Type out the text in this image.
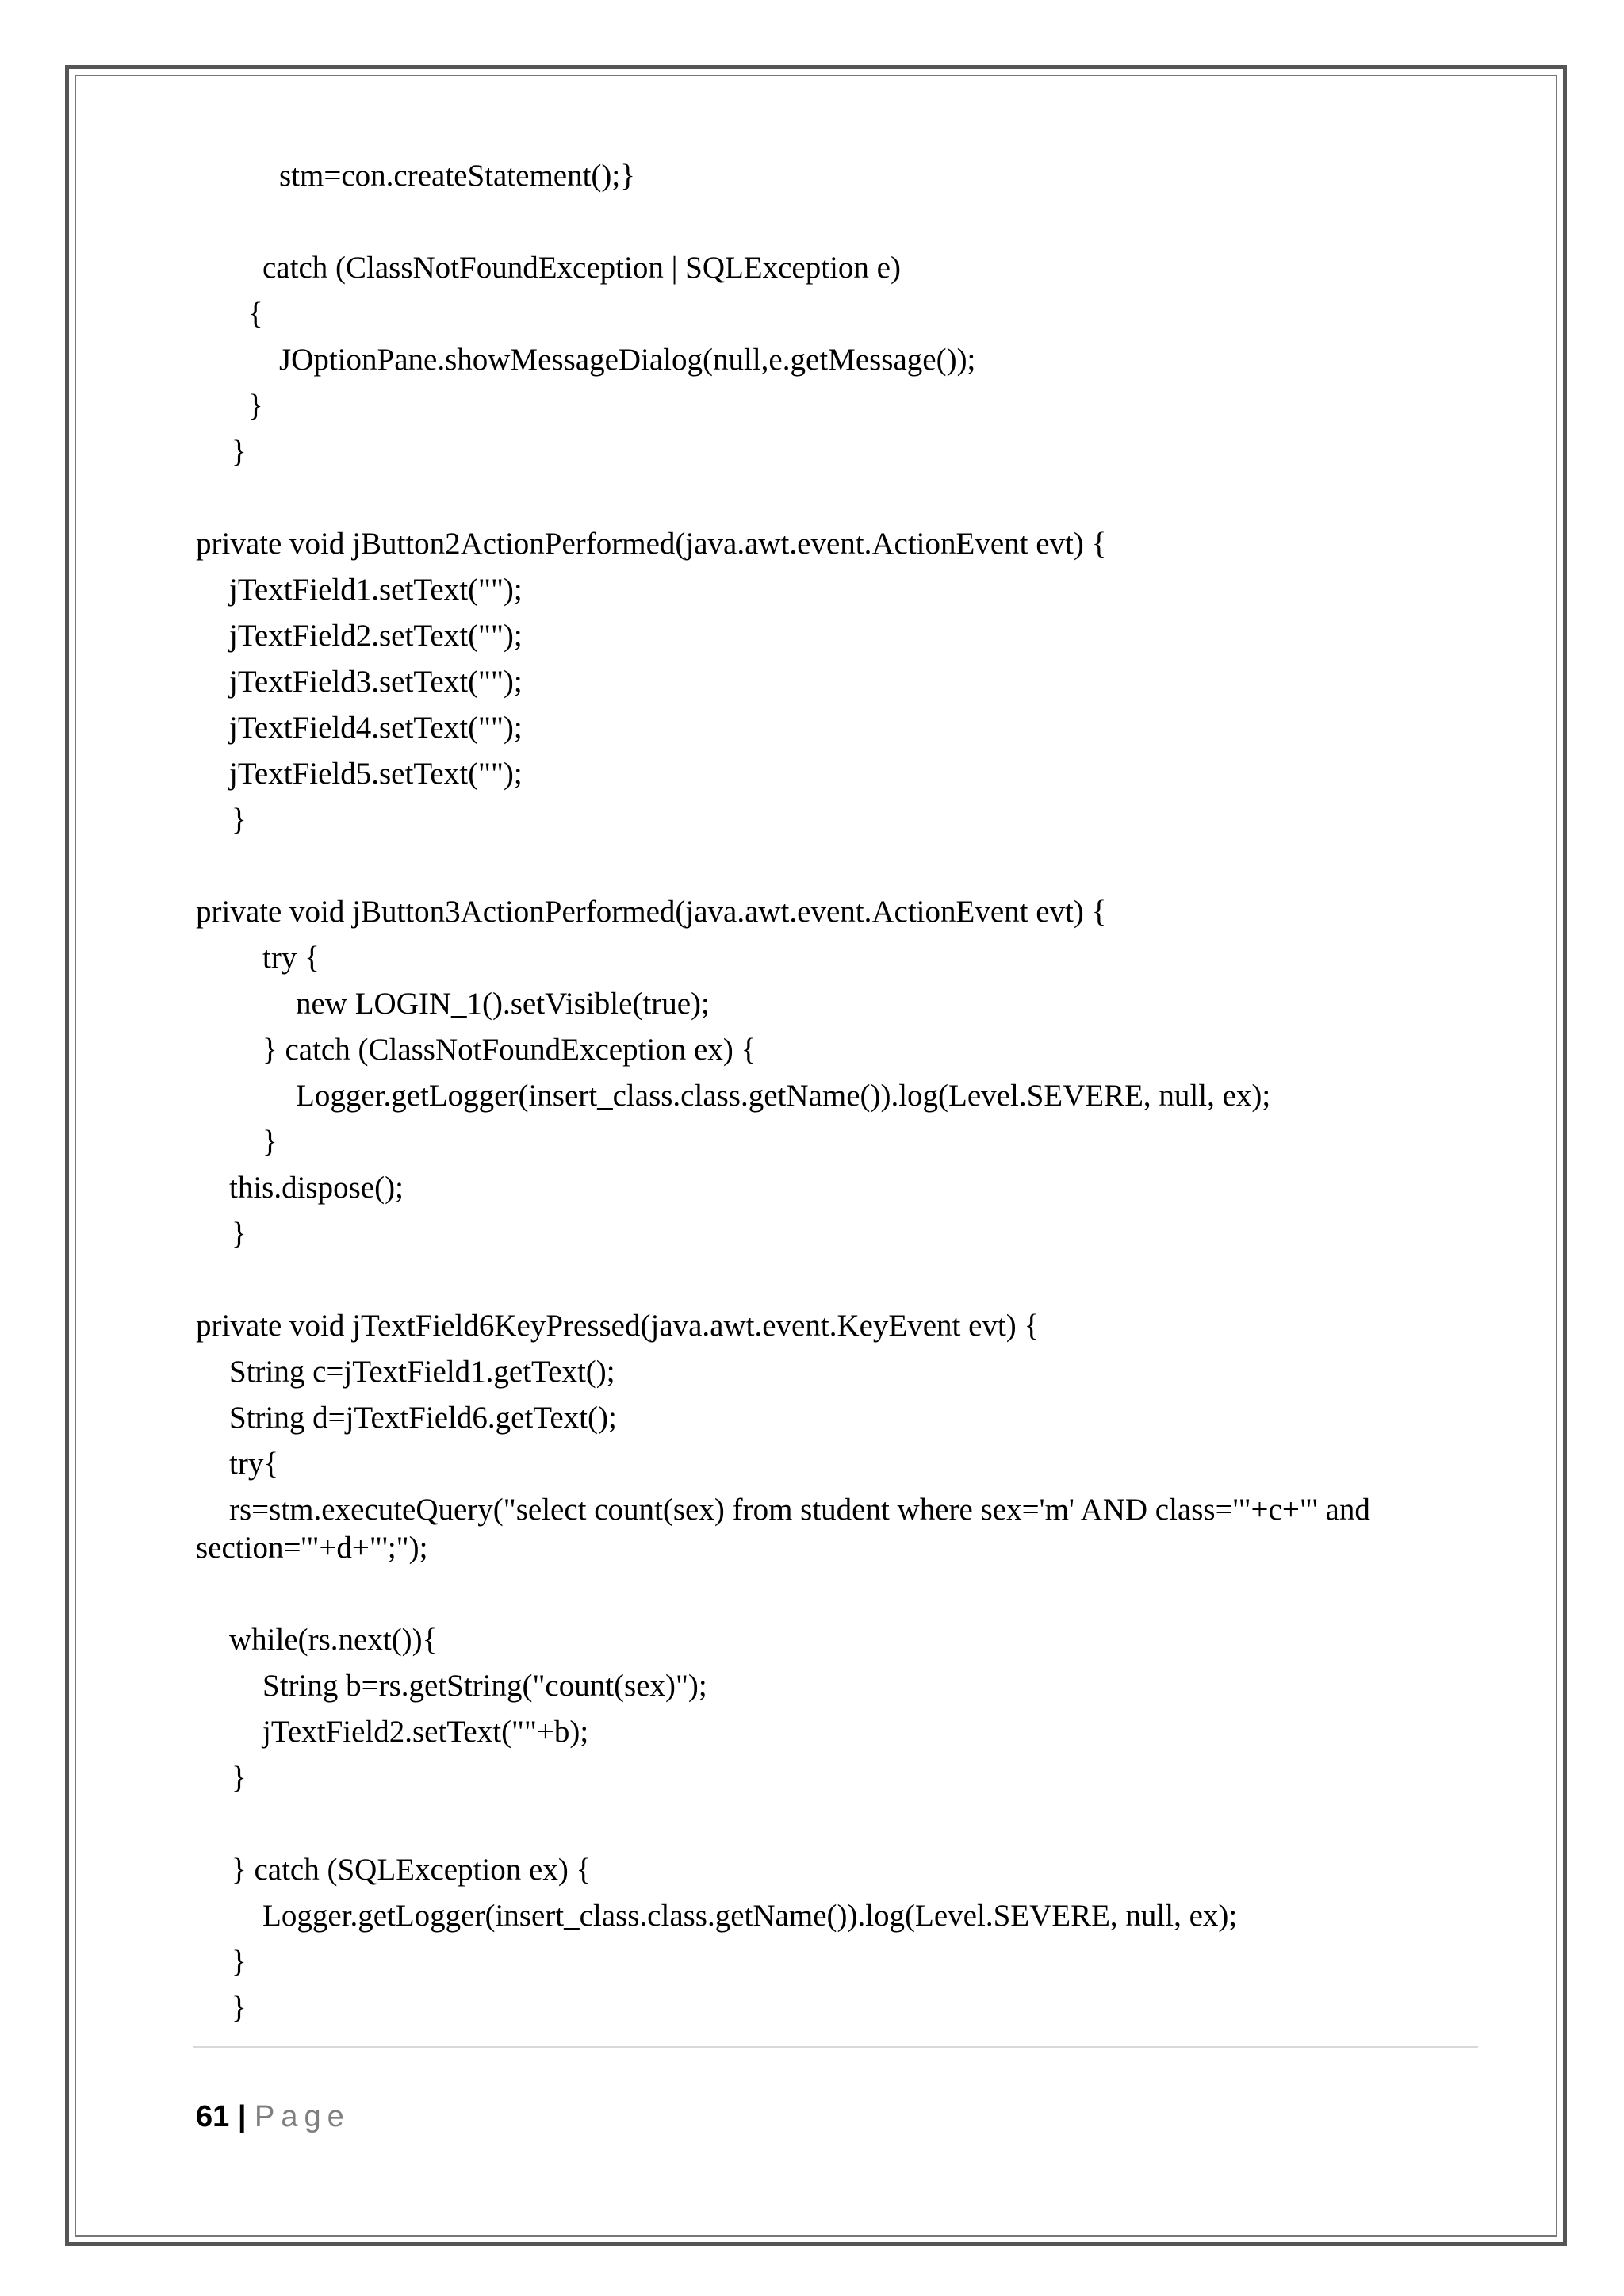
stm=con.createStatement();}
catch (ClassNotFoundException | SQLException e)
{
JOptionPane.showMessageDialog(null,e.getMessage());
}
}
private void jButton2ActionPerformed(java.awt.event.ActionEvent evt) {
jTextField1.setText("");
jTextField2.setText("");
jTextField3.setText("");
jTextField4.setText("");
jTextField5.setText("");
}
private void jButton3ActionPerformed(java.awt.event.ActionEvent evt) {
try {
new LOGIN_1().setVisible(true);
} catch (ClassNotFoundException ex) {
Logger.getLogger(insert_class.class.getName()).log(Level.SEVERE, null, ex);
}
this.dispose();
}
private void jTextField6KeyPressed(java.awt.event.KeyEvent evt) {
String c=jTextField1.getText();
String d=jTextField6.getText();
try{
rs=stm.executeQuery("select count(sex) from student where sex='m' AND class='"+c+"' and
section='"+d+"';");
while(rs.next()){
String b=rs.getString("count(sex)");
jTextField2.setText(""+b);
}
} catch (SQLException ex) {
Logger.getLogger(insert_class.class.getName()).log(Level.SEVERE, null, ex);
}
}
61 | Page
